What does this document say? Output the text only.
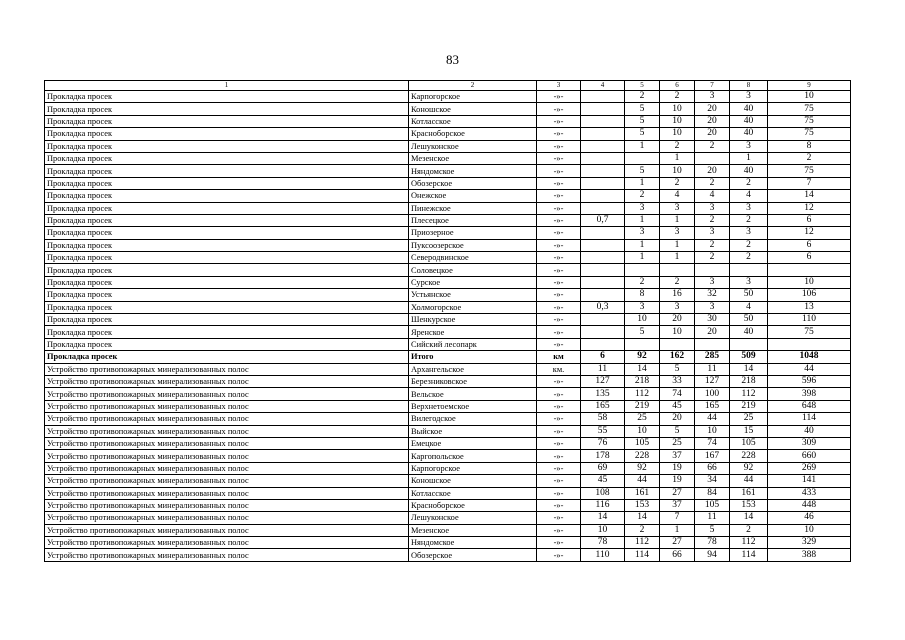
83
1	2	3	4	5	6	7	8	9
Прокладка просек	Карпогорское	-»-		2	2	3	3	10
Прокладка просек	Коношское	-»-		5	10	20	40	75
Прокладка просек	Котласское	-»-		5	10	20	40	75
Прокладка просек	Красноборское	-»-		5	10	20	40	75
Прокладка просек	Лешуконское	-»-		1	2	2	3	8
Прокладка просек	Мезенское	-»-			1		1	2
Прокладка просек	Няндомское	-»-		5	10	20	40	75
Прокладка просек	Обозерское	-»-		1	2	2	2	7
Прокладка просек	Онежское	-»-		2	4	4	4	14
Прокладка просек	Пинежское	-»-		3	3	3	3	12
Прокладка просек	Плесецкое	-»-	0,7	1	1	2	2	6
Прокладка просек	Приозерное	-»-		3	3	3	3	12
Прокладка просек	Пуксоозерское	-»-		1	1	2	2	6
Прокладка просек	Северодвинское	-»-		1	1	2	2	6
Прокладка просек	Соловецкое	-»-						
Прокладка просек	Сурское	-»-		2	2	3	3	10
Прокладка просек	Устьянское	-»-		8	16	32	50	106
Прокладка просек	Холмогорское	-»-	0,3	3	3	3	4	13
Прокладка просек	Шенкурское	-»-		10	20	30	50	110
Прокладка просек	Яренское	-»-		5	10	20	40	75
Прокладка просек	Сийский лесопарк	-»-						
Прокладка просек	Итого	км	6	92	162	285	509	1048
Устройство противопожарных минерализованных полос	Архангельское	км.	11	14	5	11	14	44
Устройство противопожарных минерализованных полос	Березниковское	-»-	127	218	33	127	218	596
Устройство противопожарных минерализованных полос	Вельское	-»-	135	112	74	100	112	398
Устройство противопожарных минерализованных полос	Верхнетоемское	-»-	165	219	45	165	219	648
Устройство противопожарных минерализованных полос	Вилегодское	-»-	58	25	20	44	25	114
Устройство противопожарных минерализованных полос	Выйское	-»-	55	10	5	10	15	40
Устройство противопожарных минерализованных полос	Емецкое	-»-	76	105	25	74	105	309
Устройство противопожарных минерализованных полос	Каргопольское	-»-	178	228	37	167	228	660
Устройство противопожарных минерализованных полос	Карпогорское	-»-	69	92	19	66	92	269
Устройство противопожарных минерализованных полос	Коношское	-»-	45	44	19	34	44	141
Устройство противопожарных минерализованных полос	Котласское	-»-	108	161	27	84	161	433
Устройство противопожарных минерализованных полос	Красноборское	-»-	116	153	37	105	153	448
Устройство противопожарных минерализованных полос	Лешуконское	-»-	14	14	7	11	14	46
Устройство противопожарных минерализованных полос	Мезенское	-»-	10	2	1	5	2	10
Устройство противопожарных минерализованных полос	Няндомское	-»-	78	112	27	78	112	329
Устройство противопожарных минерализованных полос	Обозерское	-»-	110	114	66	94	114	388
